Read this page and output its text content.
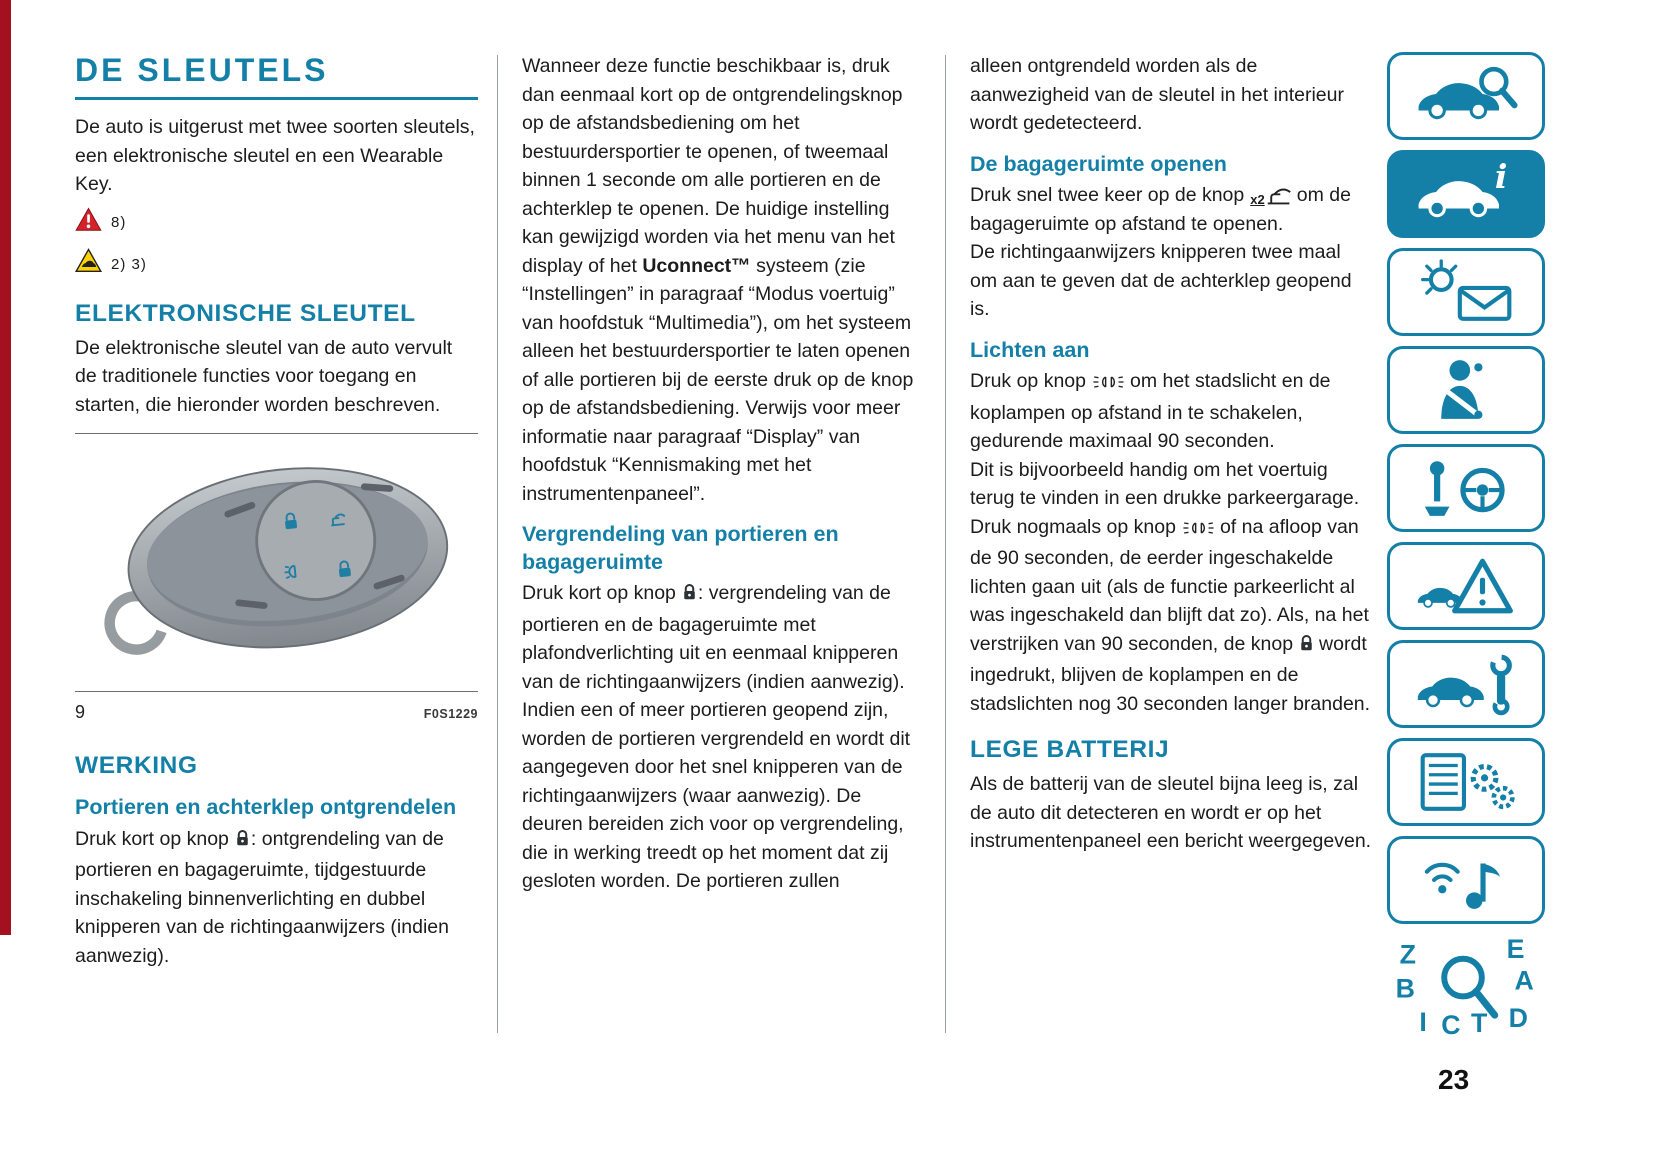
DE SLEUTELS

De auto is uitgerust met twee soorten sleutels, een elektronische sleutel en een Wearable Key.

8)
2) 3)
ELEKTRONISCHE SLEUTEL

De elektronische sleutel van de auto vervult de traditionele functies voor toegang en starten, die hieronder worden beschreven.

9	F0S1229
WERKING
Portieren en achterklep ontgrendelen

Druk kort op knop : ontgrendeling van de portieren en bagageruimte, tijdgestuurde inschakeling binnenverlichting en dubbel knipperen van de richtingaanwijzers (indien aanwezig).

Wanneer deze functie beschikbaar is, druk dan eenmaal kort op de ontgrendelingsknop op de afstandsbediening om het bestuurdersportier te openen, of tweemaal binnen 1 seconde om alle portieren en de achterklep te openen. De huidige instelling kan gewijzigd worden via het menu van het display of het Uconnect™ systeem (zie “Instellingen” in paragraaf “Modus voertuig” van hoofdstuk “Multimedia”), om het systeem alleen het bestuurdersportier te laten openen of alle portieren bij de eerste druk op de knop op de afstandsbediening. Verwijs voor meer informatie naar paragraaf “Display” van hoofdstuk “Kennismaking met het instrumentenpaneel”.

Vergrendeling van portieren en bagageruimte

Druk kort op knop : vergrendeling van de portieren en de bagageruimte met plafondverlichting uit en eenmaal knipperen van de richtingaanwijzers (indien aanwezig).

Indien een of meer portieren geopend zijn, worden de portieren vergrendeld en wordt dit aangegeven door het snel knipperen van de richtingaanwijzers (waar aanwezig). De deuren bereiden zich voor op vergrendeling, die in werking treedt op het moment dat zij gesloten worden. De portieren zullen

alleen ontgrendeld worden als de aanwezigheid van de sleutel in het interieur wordt gedetecteerd.

De bagageruimte openen

Druk snel twee keer op de knop x2 om de bagageruimte op afstand te openen.

De richtingaanwijzers knipperen twee maal om aan te geven dat de achterklep geopend is.

Lichten aan

Druk op knop om het stadslicht en de koplampen op afstand in te schakelen, gedurende maximaal 90 seconden.

Dit is bijvoorbeeld handig om het voertuig terug te vinden in een drukke parkeergarage.

Druk nogmaals op knop of na afloop van de 90 seconden, de eerder ingeschakelde lichten gaan uit (als de functie parkeerlicht al was ingeschakeld dan blijft dat zo). Als, na het verstrijken van 90 seconden, de knop wordt ingedrukt, blijven de koplampen en de stadslichten nog 30 seconden langer branden.

LEGE BATTERIJ

Als de batterij van de sleutel bijna leeg is, zal de auto dit detecteren en wordt er op het instrumentenpaneel een bericht weergegeven.

i
Z	E
A
B
D
I C T
23
